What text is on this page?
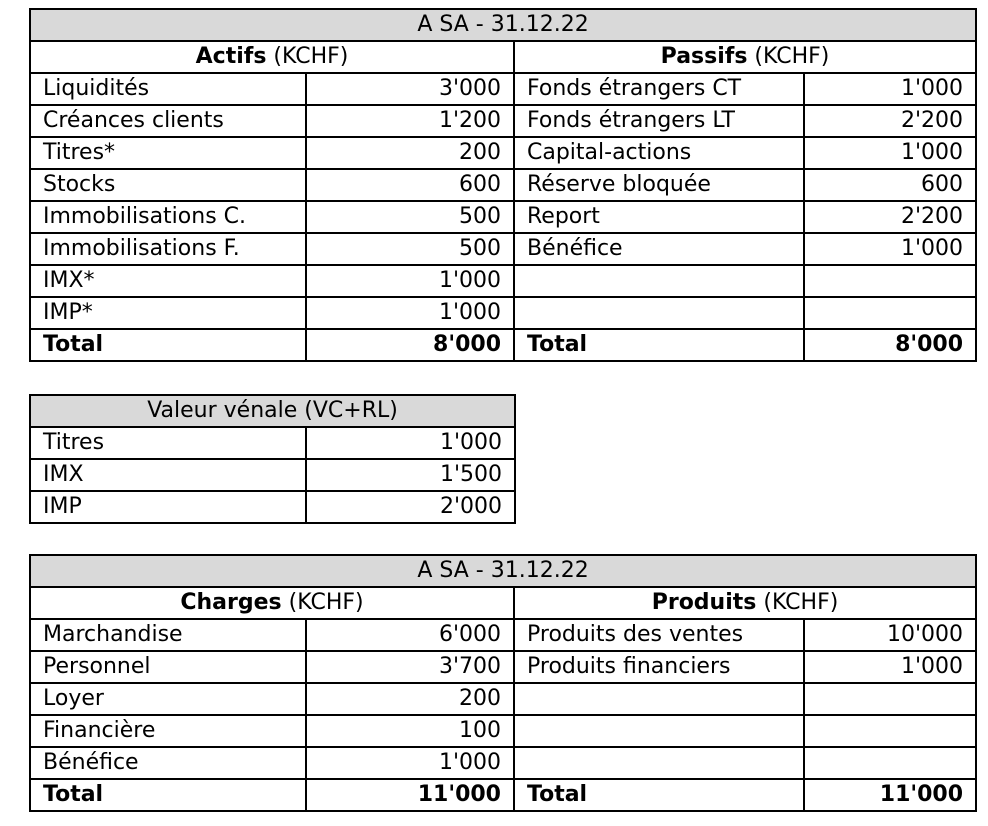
A SA - 31.12.22			
Actifs (KCHF)		Passifs (KCHF)	
Liquidités	3'000	Fonds étrangers CT	1'000
Créances clients	1'200	Fonds étrangers LT	2'200
Titres*	200	Capital-actions	1'000
Stocks	600	Réserve bloquée	600
Immobilisations C.	500	Report	2'200
Immobilisations F.	500	Bénéfice	1'000
IMX*	1'000		
IMP*	1'000		
Total	8'000	Total	8'000
Valeur vénale (VC+RL)	
Titres	1'000
IMX	1'500
IMP	2'000
A SA - 31.12.22			
Charges (KCHF)		Produits (KCHF)	
Marchandise	6'000	Produits des ventes	10'000
Personnel	3'700	Produits financiers	1'000
Loyer	200		
Financière	100		
Bénéfice	1'000		
Total	11'000	Total	11'000
